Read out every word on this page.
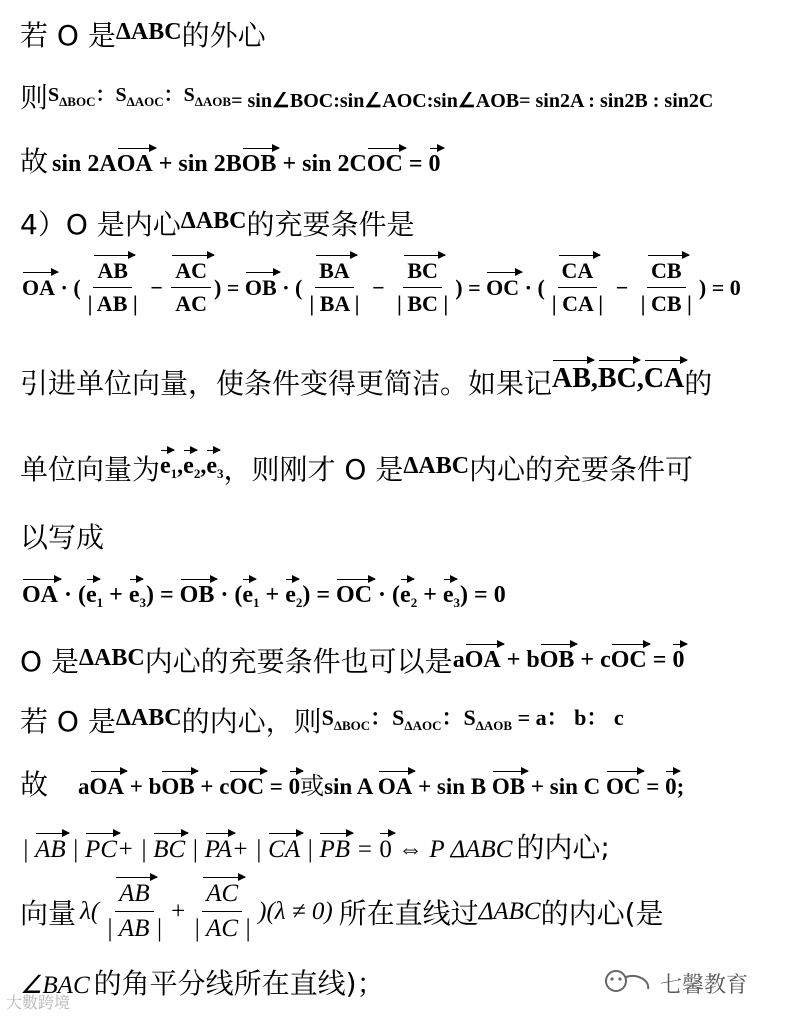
若 O 是ΔABC的外心
则$S_{\Delta BOC}$：$S_{\Delta AOC}$：$S_{\Delta AOB}=$ sin∠BOC:sin∠AOC:sin∠AOB= sin2A : sin2B : sin2C
故 sin 2AOA + sin 2BOB + sin 2COC = 0
4）O 是内心ΔABC的充要条件是
OA · ( $\frac{AB}{| AB |} - \frac{AC}{AC}$ ) = OB · ( $\frac{BA}{| BA |} - \frac{BC}{| BC |}$ ) = OC · ( $\frac{CA}{| CA |} - \frac{CB}{| CB |}$ ) = 0
引进单位向量，使条件变得更简洁。如果记AB,BC,CA的
单位向量为$e_1,e_2,e_3$，则刚才 O 是ΔABC内心的充要条件可
以写成
OA · $(e_1 + e_3)$ = OB · $(e_1 + e_2)$ = OC · $(e_2 + e_3) = 0$
O 是ΔABC内心的充要条件也可以是aOA + bOB + cOC = 0
若 O 是ΔABC的内心，则$S_{\Delta BOC}$：$S_{\Delta AOC}$：$S_{\Delta AOB} = a$： b： c
故 aOA + bOB + cOC = 0或sin A OA + sin B OB + sin C OC = 0;
| AB | PC+ | BC | PA+ | CA | PB = 0 ⇔ P ΔABC 的内心;
向量 λ ( $\frac{AB}{| AB |} + \frac{AC}{| AC |}$ ) (λ ≠ 0) 所在直线过 ΔABC 的内心(是
∠BAC 的角平分线所在直线)；	七馨教育
大數跨境
